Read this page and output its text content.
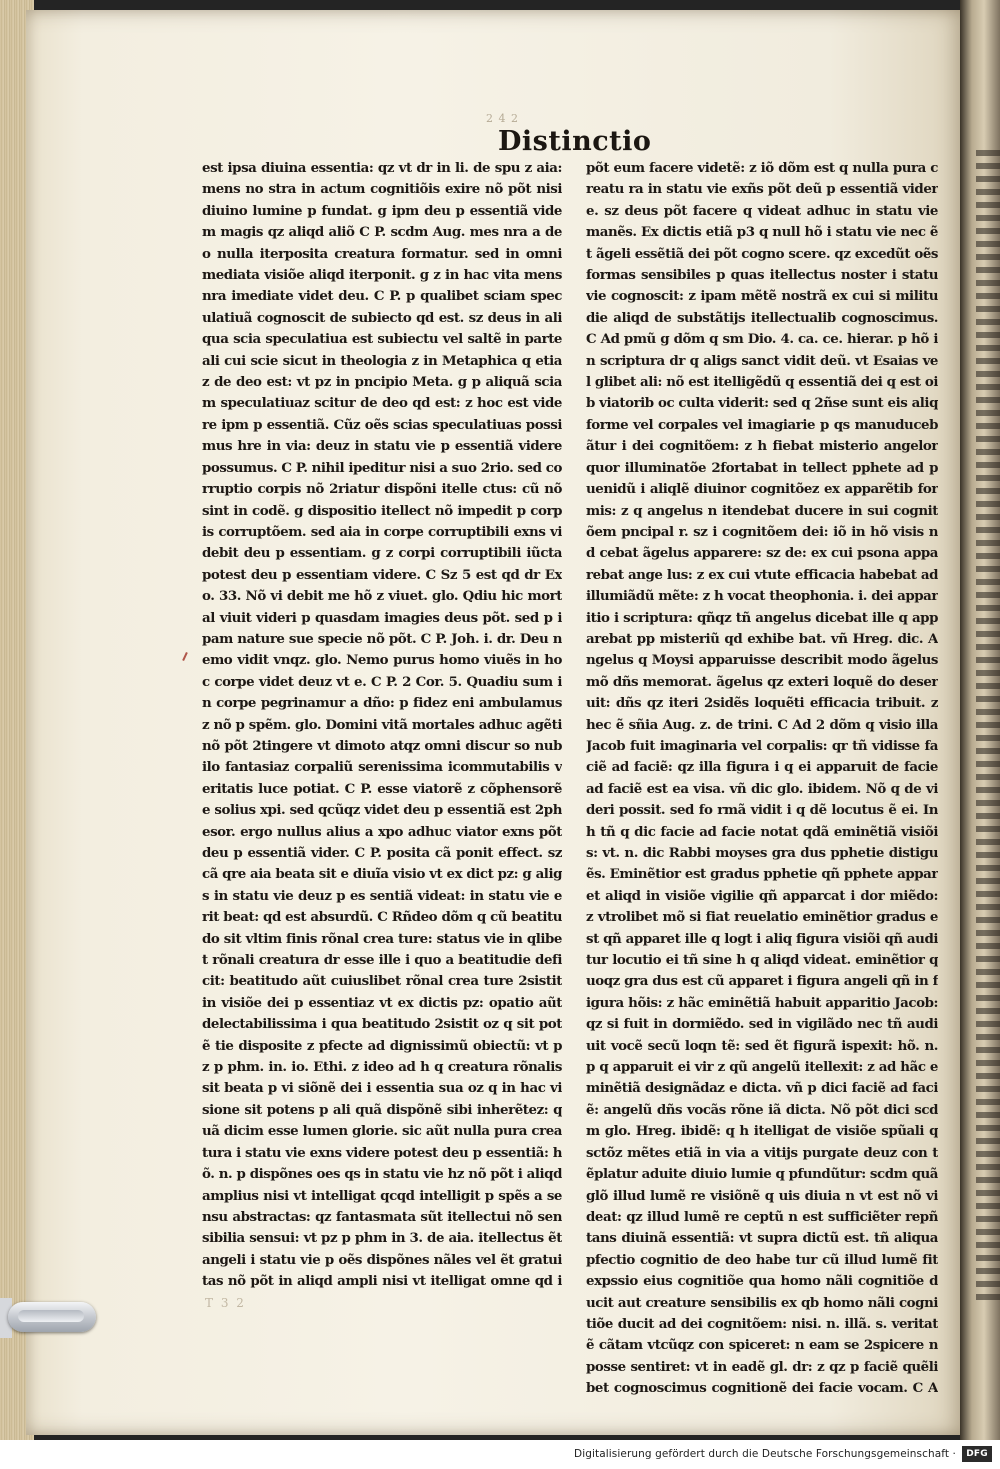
2 4 2
Distinctio
est ipsa diuina essentia: qz vt dr in li. de spu z aia: mens no stra in actum cognitiõis exire nõ põt nisi diuino lumine p fundat. g ipm deu p essentiã videm magis qz aliqd aliõ C P. scdm Aug. mes nra a deo nulla iterposita creatura formatur. sed in omni mediata visiõe aliqd iterponit. g z in hac vita mens nra imediate videt deu. C P. p qualibet sciam speculatiuã cognoscit de subiecto qd est. sz deus in aliqua scia speculatiua est subiectu vel saltẽ in parte ali cui scie sicut in theologia z in Metaphica q etiaz de deo est: vt pz in pncipio Meta. g p aliquã sciam speculatiuaz scitur de deo qd est: z hoc est videre ipm p essentiã. Cũz oẽs scias speculatiuas possimus hre in via: deuz in statu vie p essentiã videre possumus. C P. nihil ipeditur nisi a suo 2rio. sed corruptio corpis nõ 2riatur dispõni itelle ctus: cũ nõ sint in codẽ. g dispositio itellect nõ impedit p corpis corruptõem. sed aia in corpe corruptibili exns vi debit deu p essentiam. g z corpi corruptibili iũcta potest deu p essentiam videre. C Sz 5 est qd dr Exo. 33. Nõ vi debit me hõ z viuet. glo. Qdiu hic mortal viuit videri p quasdam imagies deus põt. sed p ipam nature sue specie nõ põt. C P. Joh. i. dr. Deu nemo vidit vnqz. glo. Nemo purus homo viuẽs in hoc corpe videt deuz vt e. C P. 2 Cor. 5. Quadiu sum in corpe pegrinamur a dño: p fidez eni ambulamus z nõ p spẽm. glo. Domini vitã mortales adhuc agẽti nõ põt 2tingere vt dimoto atqz omni discur so nubilo fantasiaz corpaliũ serenissima icommutabilis veritatis luce potiat. C P. esse viatorẽ z cõphensorẽ e solius xpi. sed qcũqz videt deu p essentiã est 2phesor. ergo nullus alius a xpo adhuc viator exns põt deu p essentiã vider. C P. posita cã ponit effect. sz cã qre aia beata sit e diuĩa visio vt ex dict pz: g aligs in statu vie deuz p es sentiã videat: in statu vie erit beat: qd est absurdũ. C Rñdeo dõm q cũ beatitudo sit vltim finis rõnal crea ture: status vie in qlibet rõnali creatura dr esse ille i quo a beatitudie deficit: beatitudo aũt cuiuslibet rõnal crea ture 2sistit in visiõe dei p essentiaz vt ex dictis pz: opatio aũt delectabilissima i qua beatitudo 2sistit oz q sit potẽ tie disposite z pfecte ad dignissimũ obiectũ: vt pz p phm. in. io. Ethi. z ideo ad h q creatura rõnalis sit beata p vi siõnẽ dei i essentia sua oz q in hac visione sit potens p ali quã dispõnẽ sibi inherẽtez: quã dicim esse lumen glorie. sic aũt nulla pura creatura i statu vie exns videre potest deu p essentiã: hõ. n. p dispõnes oes qs in statu vie hz nõ põt i aliqd amplius nisi vt intelligat qcqd intelligit p spẽs a sensu abstractas: qz fantasmata sũt itellectui nõ sen sibilia sensui: vt pz p phm in 3. de aia. itellectus ẽt angeli i statu vie p oẽs dispõnes nãles vel ẽt gratuitas nõ põt in aliqd ampli nisi vt itelligat omne qd i
põt eum facere videtẽ: z iõ dõm est q nulla pura creatu ra in statu vie exñs põt deũ p essentiã videre. sz deus põt facere q videat adhuc in statu vie manẽs. Ex dictis etiã p3 q null hõ i statu vie nec ẽt ãgeli essẽtiã dei põt cogno scere. qz excedũt oẽs formas sensibiles p quas itellectus noster i statu vie cognoscit: z ipam mẽtẽ nostrã ex cui si militudie aliqd de substãtijs itellectualib cognoscimus. C Ad pmũ g dõm q sm Dio. 4. ca. ce. hierar. p hõ in scriptura dr q aligs sanct vidit deũ. vt Esaias vel glibet ali: nõ est itelligẽdũ q essentiã dei q est oib viatorib oc culta viderit: sed q 2ñse sunt eis aliq forme vel corpales vel imagiarie p qs manuducebãtur i dei cognitõem: z h fiebat misterio angelor quor illuminatõe 2fortabat in tellect pphete ad puenidũ i aliqlẽ diuinor cognitõez ex apparẽtib formis: z q angelus n itendebat ducere in sui cognitõem pncipal r. sz i cognitõem dei: iõ in hõ visis n d cebat ãgelus apparere: sz de: ex cui psona apparebat ange lus: z ex cui vtute efficacia habebat ad illumiãdũ mẽte: z h vocat theophonia. i. dei apparitio i scriptura: qñqz tñ angelus dicebat ille q apparebat pp misteriũ qd exhibe bat. vñ Hreg. dic. Angelus q Moysi apparuisse describit modo ãgelus mõ dñs memorat. ãgelus qz exteri loquẽ do deseruit: dñs qz iteri 2sidẽs loquẽti efficacia tribuit. z hec ẽ sñia Aug. z. de trini. C Ad 2 dõm q visio illa Jacob fuit imaginaria vel corpalis: qr tñ vidisse faciẽ ad faciẽ: qz illa figura i q ei apparuit de facie ad faciẽ est ea visa. vñ dic glo. ibidem. Nõ q de videri possit. sed fo rmã vidit i q dẽ locutus ẽ ei. In h tñ q dic facie ad facie notat qdã eminẽtiã visiõis: vt. n. dic Rabbi moyses gra dus pphetie distiguẽs. Eminẽtior est gradus pphetie qñ pphete apparet aliqd in visiõe vigilie qñ apparcat i dor miẽdo: z vtrolibet mõ si fiat reuelatio eminẽtior gradus est qñ apparet ille q logt i aliq figura visiõi qñ auditur locutio ei tñ sine h q aliqd videat. eminẽtior quoqz gra dus est cũ apparet i figura angeli qñ in figura hõis: z hãc eminẽtiã habuit apparitio Jacob: qz si fuit in dormiẽdo. sed in vigilãdo nec tñ audiuit vocẽ secũ loqn tẽ: sed ẽt figurã ispexit: hõ. n. p q apparuit ei vir z qũ angelũ itellexit: z ad hãc eminẽtiã designãdaz e dicta. vñ p dici faciẽ ad faciẽ: angelũ dñs vocãs rõne iã dicta. Nõ põt dici scdm glo. Hreg. ibidẽ: q h itelligat de visiõe spũali q sctõz mẽtes etiã in via a vitijs purgate deuz con tẽplatur aduite diuio lumie q pfundũtur: scdm quã glõ illud lumẽ re visiõnẽ q uis diuia n vt est nõ videat: qz illud lumẽ re ceptũ n est sufficiẽter repñtans diuinã essentiã: vt supra dictũ est. tñ aliqua pfectio cognitio de deo habe tur cũ illud lumẽ fit expssio eius cognitiõe qua homo nãli cognitiõe ducit aut creature sensibilis ex qb homo nãli cognitiõe ducit ad dei cognitõem: nisi. n. illã. s. veritatẽ cãtam vtcũqz con spiceret: n eam se 2spicere n posse sentiret: vt in eadẽ gl. dr: z qz p faciẽ quẽlibet cognoscimus cognitionẽ dei facie vocam. C A
T 3 2
Digitalisierung gefördert durch die Deutsche Forschungsgemeinschaft ·	DFG
